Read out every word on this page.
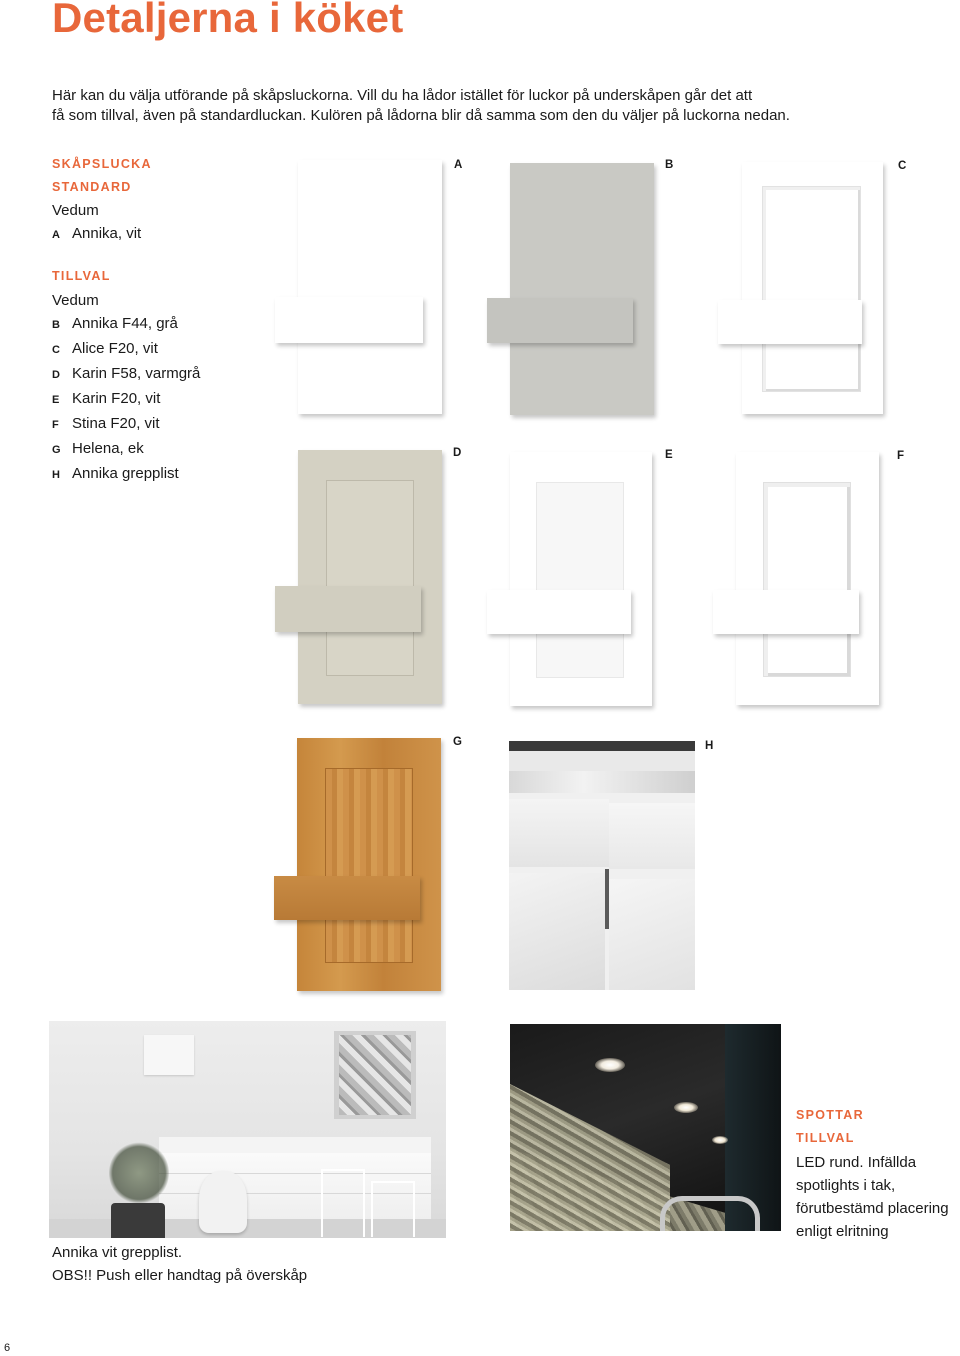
Detaljerna i köket
Här kan du välja utförande på skåpsluckorna. Vill du ha lådor istället för luckor på underskåpen går det att
få som tillval, även på standardluckan. Kulören på lådorna blir då samma som den du väljer på luckorna nedan.
SKÅPSLUCKA
STANDARD
Vedum
A Annika, vit
TILLVAL
Vedum
B Annika F44, grå
C Alice F20, vit
D Karin F58, varmgrå
E Karin F20, vit
F Stina F20, vit
G Helena, ek
H Annika grepplist
A	B	C
D	E	F
G	H
Annika vit grepplist.
OBS!! Push eller handtag på överskåp
SPOTTAR
TILLVAL
LED rund. Infällda
spotlights i tak,
förutbestämd placering
enligt elritning
6
